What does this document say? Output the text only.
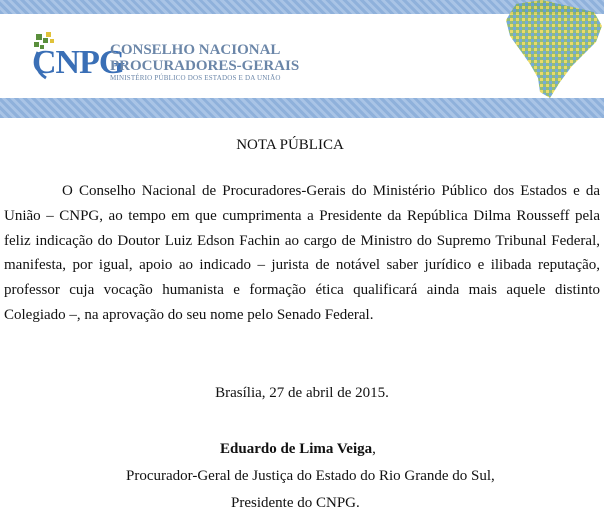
CNPG
CONSELHO NACIONAL
PROCURADORES-GERAIS
MINISTÉRIO PÚBLICO DOS ESTADOS E DA UNIÃO
NOTA PÚBLICA

O Conselho Nacional de Procuradores-Gerais do Ministério Público dos Estados e da União – CNPG, ao tempo em que cumprimenta a Presidente da República Dilma Rousseff pela feliz indicação do Doutor Luiz Edson Fachin ao cargo de Ministro do Supremo Tribunal Federal, manifesta, por igual, apoio ao indicado – jurista de notável saber jurídico e ilibada reputação, professor cuja vocação humanista e formação ética qualificará ainda mais aquele distinto Colegiado –, na aprovação do seu nome pelo Senado Federal.

Brasília, 27 de abril de 2015.
Eduardo de Lima Veiga,
Procurador-Geral de Justiça do Estado do Rio Grande do Sul,
Presidente do CNPG.
